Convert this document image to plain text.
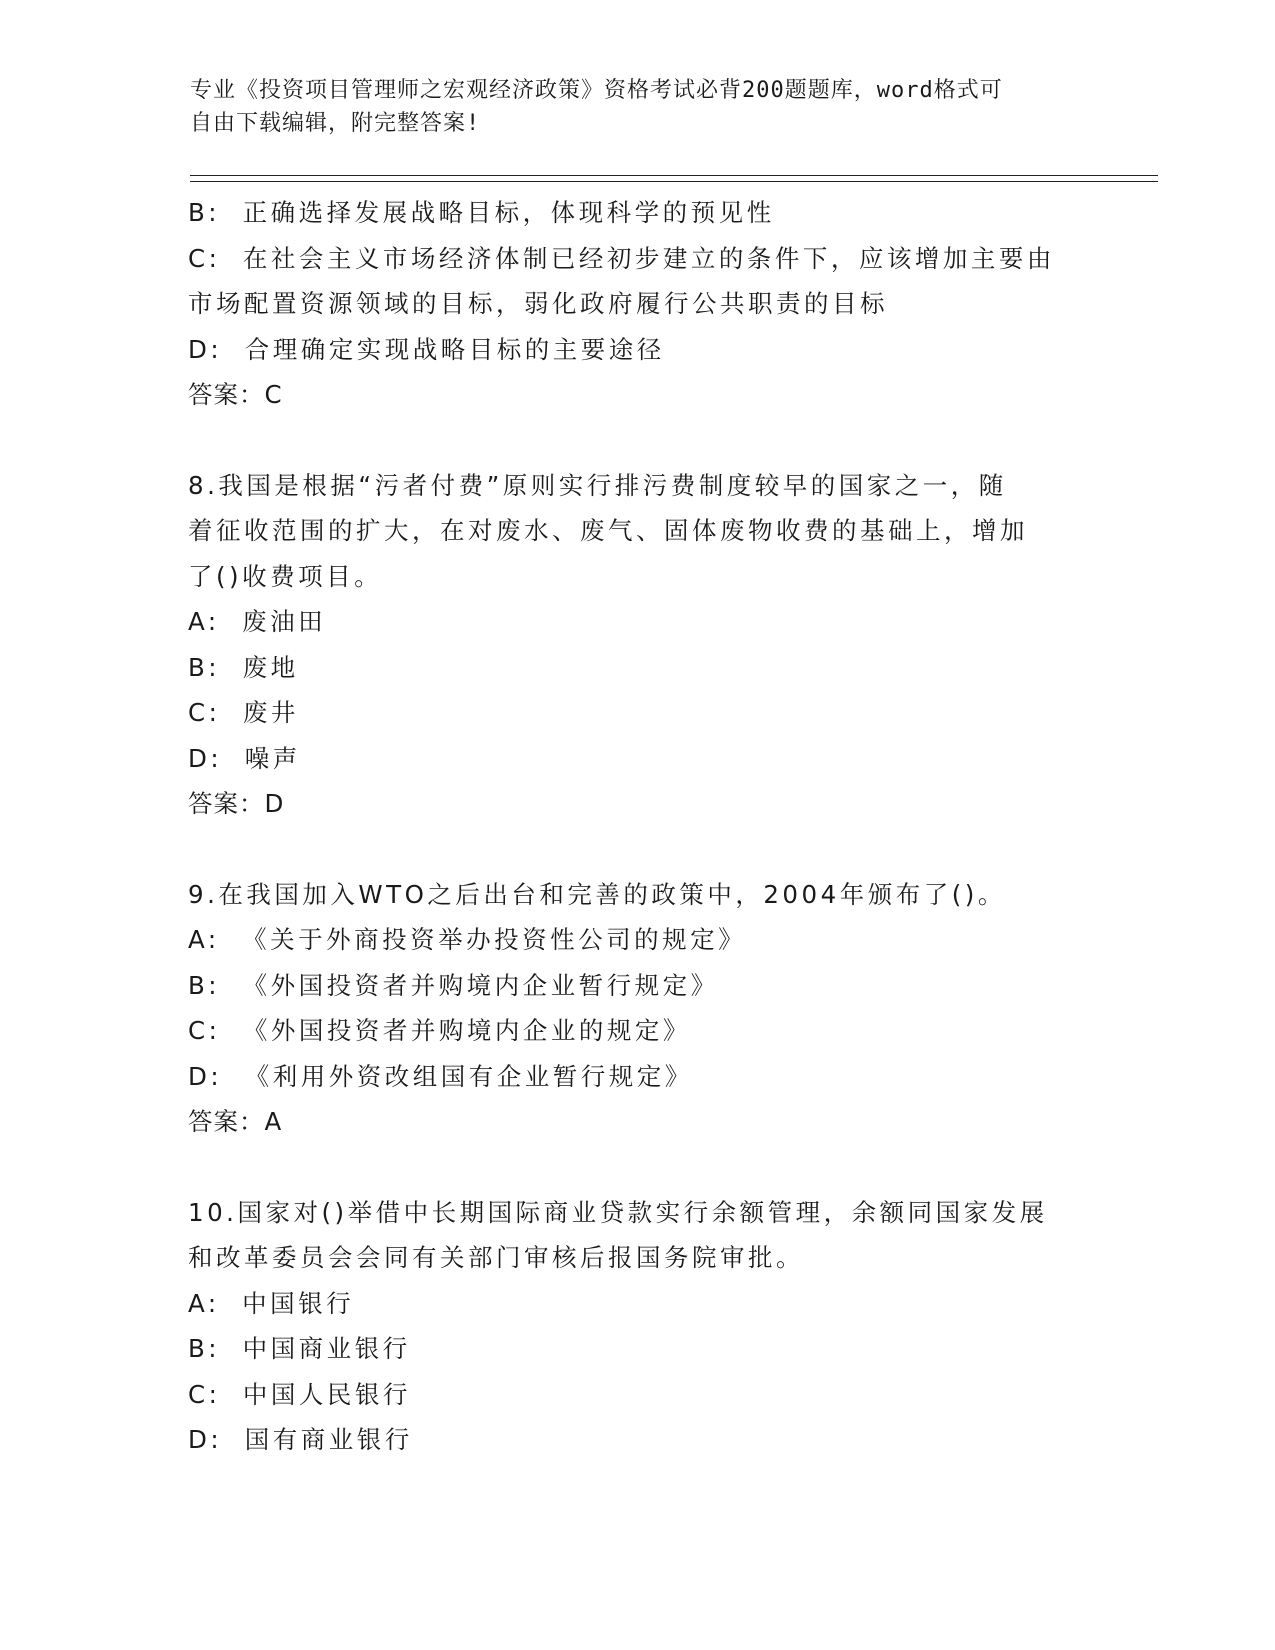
专业《投资项目管理师之宏观经济政策》资格考试必背200题题库，word格式可
自由下载编辑，附完整答案!
B:  正确选择发展战略目标，体现科学的预见性
C:  在社会主义市场经济体制已经初步建立的条件下，应该增加主要由
市场配置资源领域的目标，弱化政府履行公共职责的目标
D:  合理确定实现战略目标的主要途径
答案：C
8.我国是根据“污者付费”原则实行排污费制度较早的国家之一，随
着征收范围的扩大，在对废水、废气、固体废物收费的基础上，增加
了()收费项目。
A:  废油田
B:  废地
C:  废井
D:  噪声
答案：D
9.在我国加入WTO之后出台和完善的政策中，2004年颁布了()。
A:  《关于外商投资举办投资性公司的规定》
B:  《外国投资者并购境内企业暂行规定》
C:  《外国投资者并购境内企业的规定》
D:  《利用外资改组国有企业暂行规定》
答案：A
10.国家对()举借中长期国际商业贷款实行余额管理，余额同国家发展
和改革委员会会同有关部门审核后报国务院审批。
A:  中国银行
B:  中国商业银行
C:  中国人民银行
D:  国有商业银行
